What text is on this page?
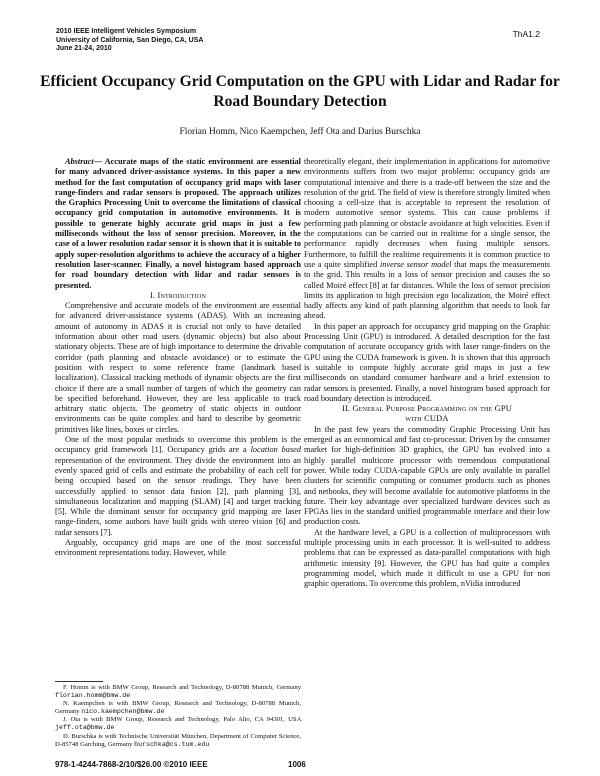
2010 IEEE Intelligent Vehicles Symposium
University of California, San Diego, CA, USA
June 21-24, 2010
ThA1.2
Efficient Occupancy Grid Computation on the GPU with Lidar and Radar for Road Boundary Detection
Florian Homm, Nico Kaempchen, Jeff Ota and Darius Burschka

Abstract— Accurate maps of the static environment are essential for many advanced driver-assistance systems. In this paper a new method for the fast computation of occupancy grid maps with laser range-finders and radar sensors is proposed. The approach utilizes the Graphics Processing Unit to overcome the limitations of classical occupancy grid computation in automotive environments. It is possible to generate highly accurate grid maps in just a few milliseconds without the loss of sensor precision. Moreover, in the case of a lower resolution radar sensor it is shown that it is suitable to apply super-resolution algorithms to achieve the accuracy of a higher resolution laser-scanner. Finally, a novel histogram based approach for road boundary detection with lidar and radar sensors is presented.

I. Introduction

Comprehensive and accurate models of the environment are essential for advanced driver-assistance systems (ADAS). With an increasing amount of autonomy in ADAS it is crucial not only to have detailed information about other road users (dynamic objects) but also about stationary objects. These are of high importance to determine the drivable corridor (path planning and obstacle avoidance) or to estimate the position with respect to some reference frame (landmark based localization). Classical tracking methods of dynamic objects are the first choice if there are a small number of targets of which the geometry can be specified beforehand. However, they are less applicable to track arbitrary static objects. The geometry of static objects in outdoor environments can be quite complex and hard to describe by geometric primitives like lines, boxes or circles.

One of the most popular methods to overcome this problem is the occupancy grid framework [1]. Occupancy grids are a location based representation of the environment. They divide the environment into an evenly spaced grid of cells and estimate the probability of each cell for being occupied based on the sensor readings. They have been successfully applied to sensor data fusion [2], path planning [3], simultaneous localization and mapping (SLAM) [4] and target tracking [5]. While the dominant sensor for occupancy grid mapping are laser range-finders, some authors have built grids with stereo vision [6] and radar sensors [7].

Arguably, occupancy grid maps are one of the most successful environment representations today. However, while

F. Homm is with BMW Group, Research and Technology, D-80788 Munich, Germany florian.homm@bmw.de

N. Kaempchen is with BMW Group, Research and Technology, D-80788 Munich, Germany nico.kaempchen@bmw.de

J. Ota is with BMW Group, Research and Technology, Palo Alto, CA 94301, USA jeff.ota@bmw.de

D. Burschka is with Technische Universität München, Department of Computer Science, D-85748 Garching, Germany burschka@cs.tum.edu

theoretically elegant, their implementation in applications for automotive environments suffers from two major problems: occupancy grids are computational intensive and there is a trade-off between the size and the resolution of the grid. The field of view is therefore strongly limited when choosing a cell-size that is acceptable to represent the resolution of modern automotive sensor systems. This can cause problems if performing path planning or obstacle avoidance at high velocities. Even if the computations can be carried out in realtime for a single sensor, the performance rapidly decreases when fusing multiple sensors. Furthermore, to fulfill the realtime requirements it is common practice to use a quite simplified inverse sensor model that maps the measurements to the grid. This results in a loss of sensor precision and causes the so called Moiré effect [8] at far distances. While the loss of sensor precision limits its application to high precision ego localization, the Moiré effect badly affects any kind of path planning algorithm that needs to look far ahead.

In this paper an approach for occupancy grid mapping on the Graphic Processing Unit (GPU) is introduced. A detailed description for the fast computation of accurate occupancy grids with laser range-finders on the GPU using the CUDA framework is given. It is shown that this approach is suitable to compute highly accurate grid maps in just a few milliseconds on standard consumer hardware and a brief extension to radar sensors is presented. Finally, a novel histogram based approach for road boundary detection is introduced.

II. General Purpose Programming on the GPU
with CUDA

In the past few years the commodity Graphic Processing Unit has emerged as an economical and fast co-processor. Driven by the consumer market for high-definition 3D graphics, the GPU has evolved into a highly parallel multicore processor with tremendous computational power. While today CUDA-capable GPUs are only available in parallel clusters for scientific computing or consumer products such as phones and netbooks, they will become available for automotive platforms in the future. Their key advantage over specialized hardware devices such as FPGAs lies in the standard unified programmable interface and their low production costs.

At the hardware level, a GPU is a collection of multiprocessors with multiple processing units in each processor. It is well-suited to address problems that can be expressed as data-parallel computations with high arithmetic intensity [9]. However, the GPU has had quite a complex programming model, which made it difficult to use a GPU for non graphic operations. To overcome this problem, nVidia introduced

978-1-4244-7868-2/10/$26.00 ©2010 IEEE	1006
